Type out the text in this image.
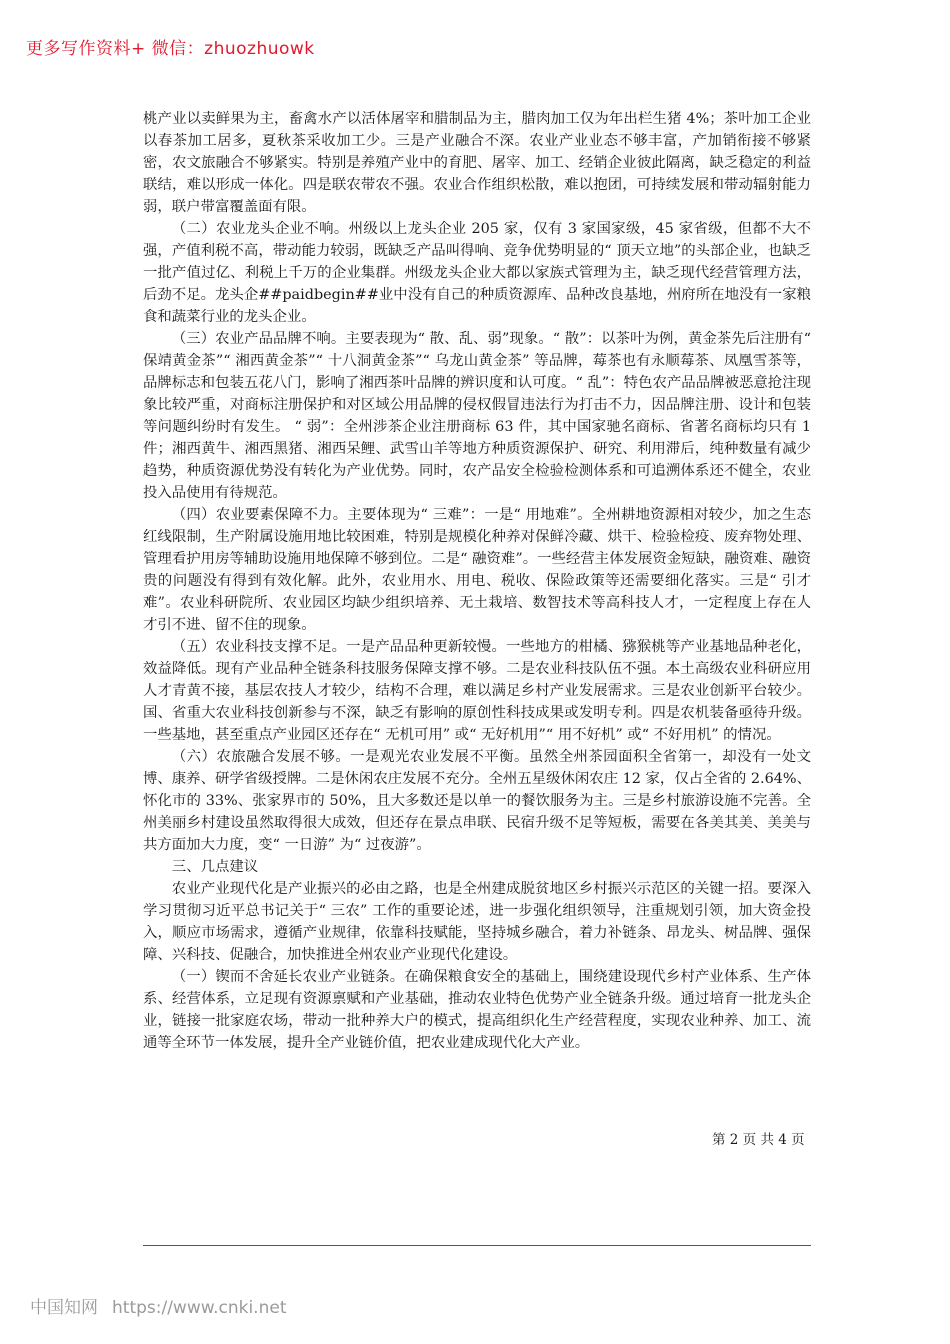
更多写作资料+ 微信：zhuozhuowk

桃产业以卖鲜果为主，畜禽水产以活体屠宰和腊制品为主，腊肉加工仅为年出栏生猪 4%；茶叶加工企业以春茶加工居多，夏秋茶采收加工少。三是产业融合不深。农业产业业态不够丰富，产加销衔接不够紧密，农文旅融合不够紧实。特别是养殖产业中的育肥、屠宰、加工、经销企业彼此隔离，缺乏稳定的利益联结，难以形成一体化。四是联农带农不强。农业合作组织松散，难以抱团，可持续发展和带动辐射能力弱，联户带富覆盖面有限。

（二）农业龙头企业不响。州级以上龙头企业 205 家，仅有 3 家国家级，45 家省级，但都不大不强，产值利税不高，带动能力较弱，既缺乏产品叫得响、竞争优势明显的“ 顶天立地”的头部企业，也缺乏一批产值过亿、利税上千万的企业集群。州级龙头企业大都以家族式管理为主，缺乏现代经营管理方法，后劲不足。龙头企##paidbegin##业中没有自己的种质资源库、品种改良基地，州府所在地没有一家粮食和蔬菜行业的龙头企业。

（三）农业产品品牌不响。主要表现为“ 散、乱、弱”现象。“ 散”：以茶叶为例，黄金茶先后注册有“ 保靖黄金茶”“ 湘西黄金茶”“ 十八洞黄金茶”“ 乌龙山黄金茶” 等品牌，莓茶也有永顺莓茶、凤凰雪茶等，品牌标志和包装五花八门，影响了湘西茶叶品牌的辨识度和认可度。“ 乱”：特色农产品品牌被恶意抢注现象比较严重，对商标注册保护和对区域公用品牌的侵权假冒违法行为打击不力，因品牌注册、设计和包装等问题纠纷时有发生。 “ 弱”：全州涉茶企业注册商标 63 件，其中国家驰名商标、省著名商标均只有 1 件；湘西黄牛、湘西黑猪、湘西呆鲤、武雪山羊等地方种质资源保护、研究、利用滞后，纯种数量有减少趋势，种质资源优势没有转化为产业优势。同时，农产品安全检验检测体系和可追溯体系还不健全，农业投入品使用有待规范。

（四）农业要素保障不力。主要体现为“ 三难”：一是“ 用地难”。全州耕地资源相对较少，加之生态红线限制，生产附属设施用地比较困难，特别是规模化种养对保鲜冷藏、烘干、检验检疫、废弃物处理、管理看护用房等辅助设施用地保障不够到位。二是“ 融资难”。一些经营主体发展资金短缺，融资难、融资贵的问题没有得到有效化解。此外，农业用水、用电、税收、保险政策等还需要细化落实。三是“ 引才难”。农业科研院所、农业园区均缺少组织培养、无土栽培、数智技术等高科技人才，一定程度上存在人才引不进、留不住的现象。

（五）农业科技支撑不足。一是产品品种更新较慢。一些地方的柑橘、猕猴桃等产业基地品种老化，效益降低。现有产业品种全链条科技服务保障支撑不够。二是农业科技队伍不强。本土高级农业科研应用人才青黄不接，基层农技人才较少，结构不合理，难以满足乡村产业发展需求。三是农业创新平台较少。国、省重大农业科技创新参与不深，缺乏有影响的原创性科技成果或发明专利。四是农机装备亟待升级。一些基地，甚至重点产业园区还存在“ 无机可用” 或“ 无好机用”“ 用不好机” 或“ 不好用机” 的情况。

（六）农旅融合发展不够。一是观光农业发展不平衡。虽然全州茶园面积全省第一，却没有一处文博、康养、研学省级授牌。二是休闲农庄发展不充分。全州五星级休闲农庄 12 家，仅占全省的 2.64%、怀化市的 33%、张家界市的 50%，且大多数还是以单一的餐饮服务为主。三是乡村旅游设施不完善。全州美丽乡村建设虽然取得很大成效，但还存在景点串联、民宿升级不足等短板，需要在各美其美、美美与共方面加大力度，变“ 一日游” 为“ 过夜游”。

三、几点建议

农业产业现代化是产业振兴的必由之路，也是全州建成脱贫地区乡村振兴示范区的关键一招。要深入学习贯彻习近平总书记关于“ 三农” 工作的重要论述，进一步强化组织领导，注重规划引领，加大资金投入，顺应市场需求，遵循产业规律，依靠科技赋能，坚持城乡融合，着力补链条、昂龙头、树品牌、强保障、兴科技、促融合，加快推进全州农业产业现代化建设。

（一）锲而不舍延长农业产业链条。在确保粮食安全的基础上，围绕建设现代乡村产业体系、生产体系、经营体系，立足现有资源禀赋和产业基础，推动农业特色优势产业全链条升级。通过培育一批龙头企业，链接一批家庭农场，带动一批种养大户的模式，提高组织化生产经营程度，实现农业种养、加工、流通等全环节一体发展，提升全产业链价值，把农业建成现代化大产业。

第 2 页 共 4 页
中国知网 https://www.cnki.net
